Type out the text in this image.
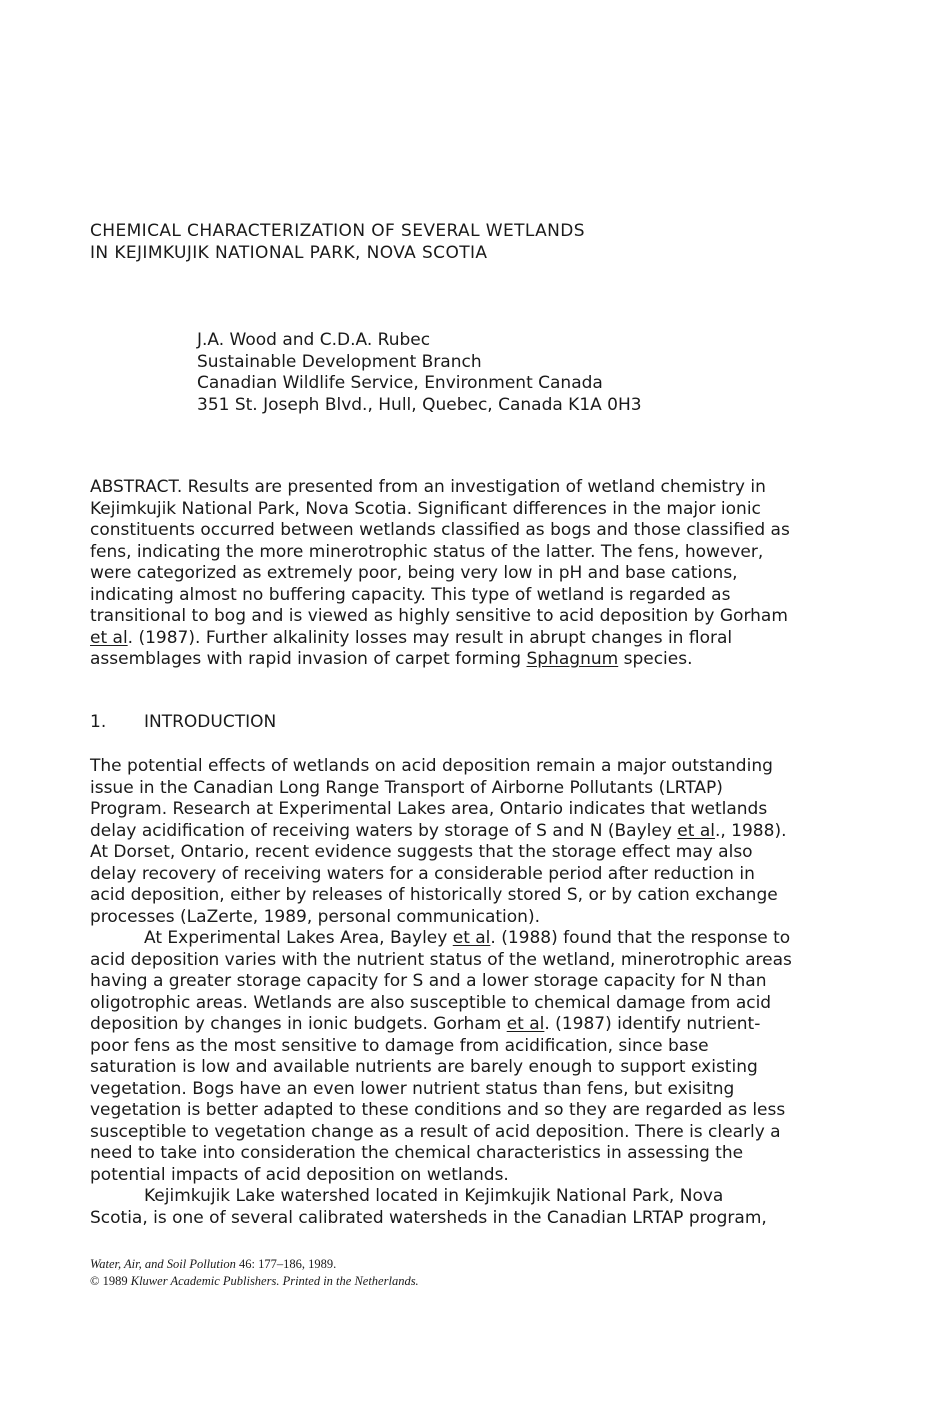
CHEMICAL CHARACTERIZATION OF SEVERAL WETLANDS
IN KEJIMKUJIK NATIONAL PARK, NOVA SCOTIA
J.A. Wood and C.D.A. Rubec
Sustainable Development Branch
Canadian Wildlife Service, Environment Canada
351 St. Joseph Blvd., Hull, Quebec, Canada K1A 0H3
ABSTRACT. Results are presented from an investigation of wetland chemistry in
Kejimkujik National Park, Nova Scotia. Significant differences in the major ionic
constituents occurred between wetlands classified as bogs and those classified as
fens, indicating the more minerotrophic status of the latter. The fens, however,
were categorized as extremely poor, being very low in pH and base cations,
indicating almost no buffering capacity. This type of wetland is regarded as
transitional to bog and is viewed as highly sensitive to acid deposition by Gorham
et al. (1987). Further alkalinity losses may result in abrupt changes in floral
assemblages with rapid invasion of carpet forming Sphagnum species.
1. INTRODUCTION
The potential effects of wetlands on acid deposition remain a major outstanding
issue in the Canadian Long Range Transport of Airborne Pollutants (LRTAP)
Program. Research at Experimental Lakes area, Ontario indicates that wetlands
delay acidification of receiving waters by storage of S and N (Bayley et al., 1988).
At Dorset, Ontario, recent evidence suggests that the storage effect may also
delay recovery of receiving waters for a considerable period after reduction in
acid deposition, either by releases of historically stored S, or by cation exchange
processes (LaZerte, 1989, personal communication).
At Experimental Lakes Area, Bayley et al. (1988) found that the response to
acid deposition varies with the nutrient status of the wetland, minerotrophic areas
having a greater storage capacity for S and a lower storage capacity for N than
oligotrophic areas. Wetlands are also susceptible to chemical damage from acid
deposition by changes in ionic budgets. Gorham et al. (1987) identify nutrient-
poor fens as the most sensitive to damage from acidification, since base
saturation is low and available nutrients are barely enough to support existing
vegetation. Bogs have an even lower nutrient status than fens, but exisitng
vegetation is better adapted to these conditions and so they are regarded as less
susceptible to vegetation change as a result of acid deposition. There is clearly a
need to take into consideration the chemical characteristics in assessing the
potential impacts of acid deposition on wetlands.
Kejimkujik Lake watershed located in Kejimkujik National Park, Nova
Scotia, is one of several calibrated watersheds in the Canadian LRTAP program,
Water, Air, and Soil Pollution 46: 177–186, 1989.
© 1989 Kluwer Academic Publishers. Printed in the Netherlands.
